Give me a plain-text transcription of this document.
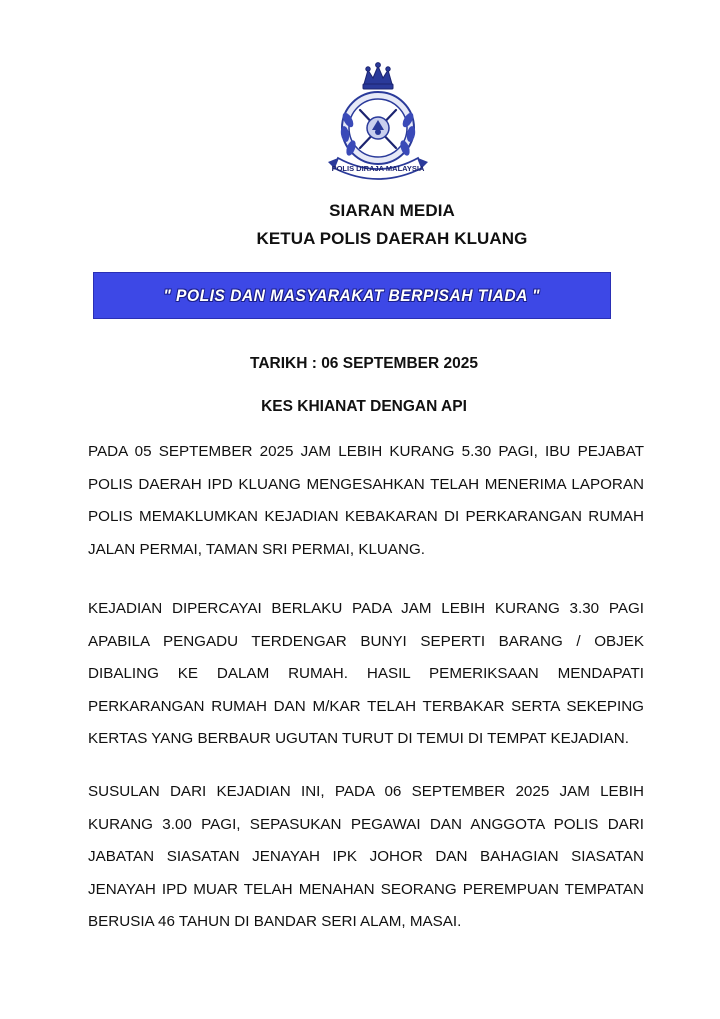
POLIS DIRAJA MALAYSIA
SIARAN MEDIA
KETUA POLIS DAERAH KLUANG
" POLIS DAN MASYARAKAT BERPISAH TIADA "
TARIKH : 06 SEPTEMBER 2025
KES KHIANAT DENGAN API
PADA 05 SEPTEMBER 2025 JAM LEBIH KURANG 5.30 PAGI, IBU PEJABAT
POLIS DAERAH IPD KLUANG MENGESAHKAN TELAH MENERIMA LAPORAN
POLIS MEMAKLUMKAN KEJADIAN KEBAKARAN DI PERKARANGAN RUMAH
JALAN PERMAI, TAMAN SRI PERMAI, KLUANG.
KEJADIAN DIPERCAYAI BERLAKU PADA JAM LEBIH KURANG 3.30 PAGI
APABILA PENGADU TERDENGAR BUNYI SEPERTI BARANG / OBJEK
DIBALING KE DALAM RUMAH. HASIL PEMERIKSAAN MENDAPATI
PERKARANGAN RUMAH DAN M/KAR TELAH TERBAKAR SERTA SEKEPING
KERTAS YANG BERBAUR UGUTAN TURUT DI TEMUI DI TEMPAT KEJADIAN.
SUSULAN DARI KEJADIAN INI, PADA 06 SEPTEMBER 2025 JAM LEBIH
KURANG 3.00 PAGI, SEPASUKAN PEGAWAI DAN ANGGOTA POLIS DARI
JABATAN SIASATAN JENAYAH IPK JOHOR DAN BAHAGIAN SIASATAN
JENAYAH IPD MUAR TELAH MENAHAN SEORANG PEREMPUAN TEMPATAN
BERUSIA 46 TAHUN DI BANDAR SERI ALAM, MASAI.
